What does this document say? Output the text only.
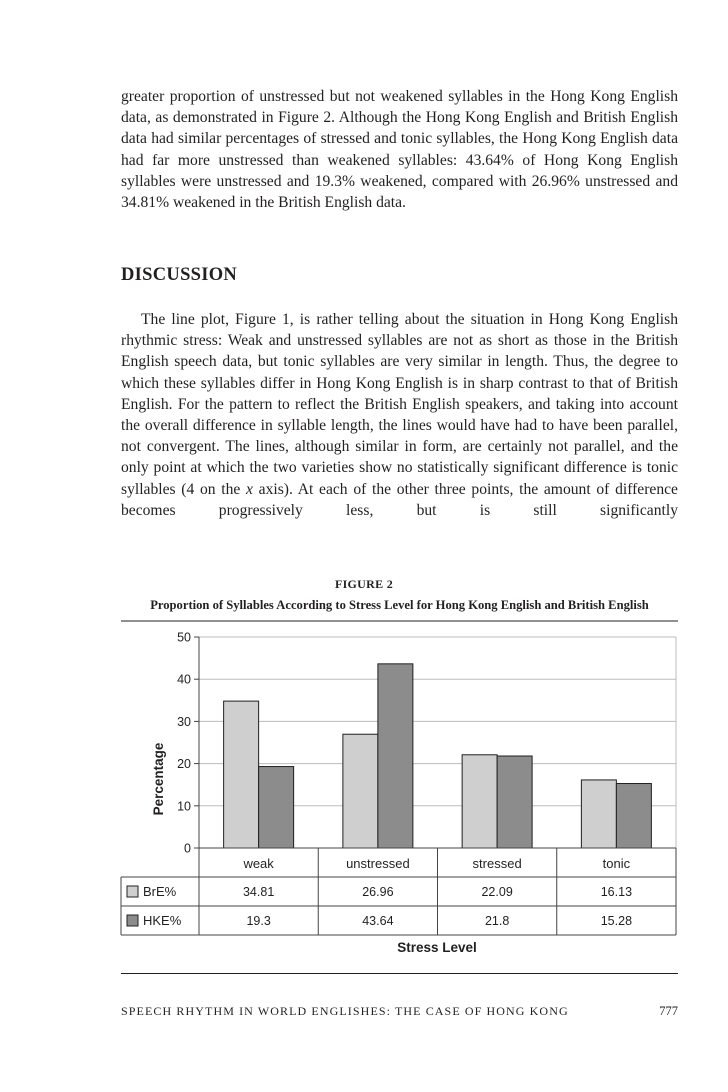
greater proportion of unstressed but not weakened syllables in the Hong Kong English data, as demonstrated in Figure 2. Although the Hong Kong English and British English data had similar percentages of stressed and tonic syllables, the Hong Kong English data had far more unstressed than weakened syllables: 43.64% of Hong Kong English syllables were unstressed and 19.3% weakened, compared with 26.96% unstressed and 34.81% weakened in the British English data.

DISCUSSION

The line plot, Figure 1, is rather telling about the situation in Hong Kong English rhythmic stress: Weak and unstressed syllables are not as short as those in the British English speech data, but tonic syllables are very similar in length. Thus, the degree to which these syllables differ in Hong Kong English is in sharp contrast to that of British English. For the pattern to reflect the British English speakers, and taking into account the overall difference in syllable length, the lines would have had to have been parallel, not convergent. The lines, although similar in form, are certainly not parallel, and the only point at which the two varieties show no statistically significant difference is tonic syllables (4 on the x axis). At each of the other three points, the amount of difference becomes progressively less, but is still significantly

FIGURE 2
Proportion of Syllables According to Stress Level for Hong Kong English and British English
Percentage
0
10
20
30
40
50
weak	unstressed	stressed	tonic
BrE%	34.81	26.96	22.09	16.13
HKE%	19.3	43.64	21.8	15.28
Stress Level
SPEECH RHYTHM IN WORLD ENGLISHES: THE CASE OF HONG KONG	777
